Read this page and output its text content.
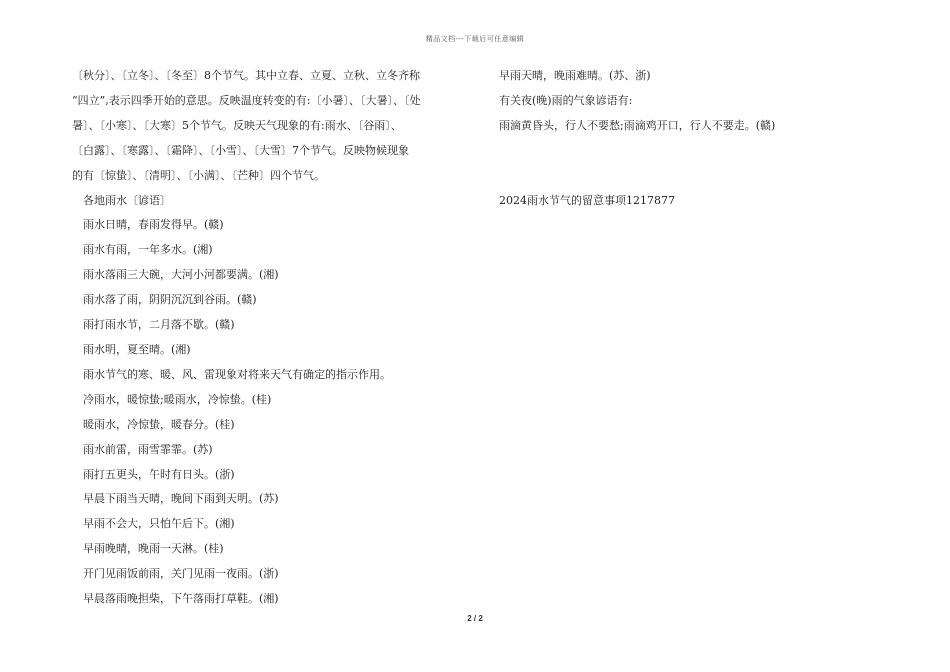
精品文档---下载后可任意编辑
〔秋分〕、〔立冬〕、〔冬至〕8个节气。其中立春、立夏、立秋、立冬齐称
“四立”,表示四季开始的意思。反映温度转变的有:〔小暑〕、〔大暑〕、〔处
暑〕、〔小寒〕、〔大寒〕5个节气。反映天气现象的有:雨水、〔谷雨〕、
〔白露〕、〔寒露〕、〔霜降〕、〔小雪〕、〔大雪〕7个节气。反映物候现象
的有〔惊蛰〕、〔清明〕、〔小满〕、〔芒种〕四个节气。
各地雨水〔谚语〕
雨水日晴，春雨发得早。(赣)
雨水有雨，一年多水。(湘)
雨水落雨三大碗，大河小河都要满。(湘)
雨水落了雨，阴阴沉沉到谷雨。(赣)
雨打雨水节，二月落不歇。(赣)
雨水明，夏至晴。(湘)
雨水节气的寒、暖、风、雷现象对将来天气有确定的指示作用。
冷雨水，暖惊蛰;暖雨水，冷惊蛰。(桂)
暖雨水，冷惊蛰，暖春分。(桂)
雨水前雷，雨雪霏霏。(苏)
雨打五更头，午时有日头。(浙)
早晨下雨当天晴，晚间下雨到天明。(苏)
早雨不会大，只怕午后下。(湘)
早雨晚晴，晚雨一天淋。(桂)
开门见雨饭前雨，关门见雨一夜雨。(浙)
早晨落雨晚担柴，下午落雨打草鞋。(湘)
早雨天晴，晚雨难晴。(苏、浙)
有关夜(晚)雨的气象谚语有:
雨滴黄昏头，行人不要愁;雨滴鸡开口，行人不要走。(赣)
2024雨水节气的留意事项1217877
2 / 2
